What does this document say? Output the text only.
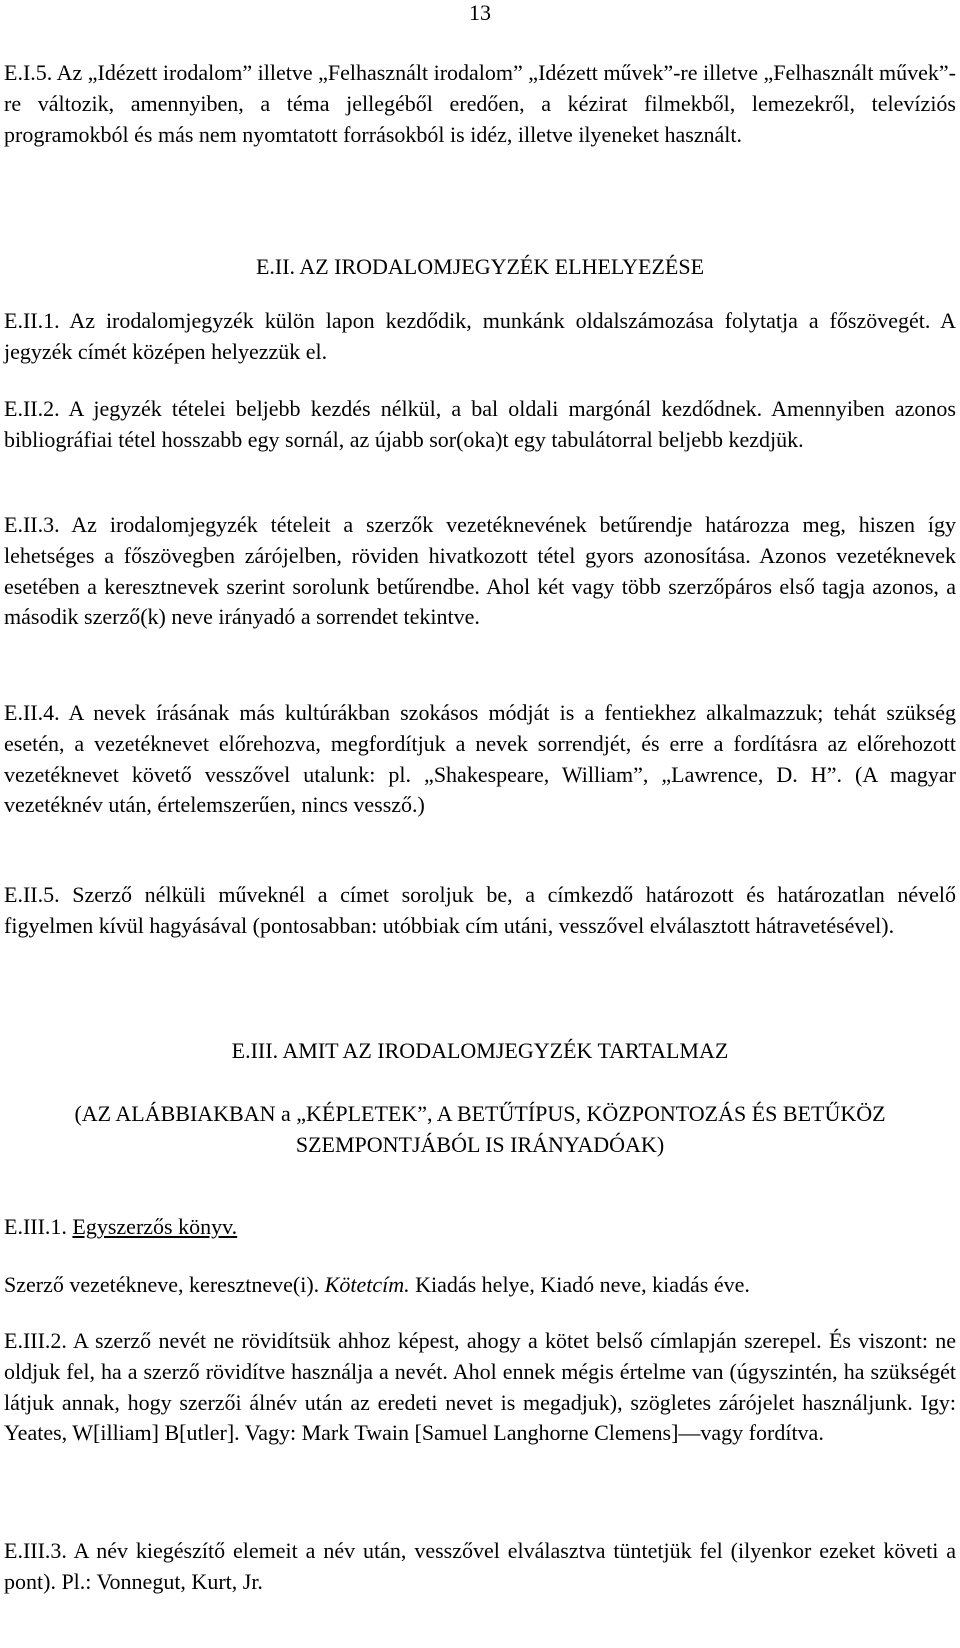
13

E.I.5. Az „Idézett irodalom” illetve „Felhasznált irodalom” „Idézett művek”-re illetve „Felhasznált művek”-re változik, amennyiben, a téma jellegéből eredően, a kézirat filmekből, lemezekről, televíziós programokból és más nem nyomtatott forrásokból is idéz, illetve ilyeneket használt.

E.II. AZ IRODALOMJEGYZÉK ELHELYEZÉSE

E.II.1. Az irodalomjegyzék külön lapon kezdődik, munkánk oldalszámozása folytatja a főszövegét. A jegyzék címét középen helyezzük el.

E.II.2. A jegyzék tételei beljebb kezdés nélkül, a bal oldali margónál kezdődnek. Amennyiben azonos bibliográfiai tétel hosszabb egy sornál, az újabb sor(oka)t egy tabulátorral beljebb kezdjük.

E.II.3. Az irodalomjegyzék tételeit a szerzők vezetéknevének betűrendje határozza meg, hiszen így lehetséges a főszövegben zárójelben, röviden hivatkozott tétel gyors azonosítása. Azonos vezetéknevek esetében a keresztnevek szerint sorolunk betűrendbe. Ahol két vagy több szerzőpáros első tagja azonos, a második szerző(k) neve irányadó a sorrendet tekintve.

E.II.4. A nevek írásának más kultúrákban szokásos módját is a fentiekhez alkalmazzuk; tehát szükség esetén, a vezetéknevet előrehozva, megfordítjuk a nevek sorrendjét, és erre a fordításra az előrehozott vezetéknevet követő vesszővel utalunk: pl. „Shakespeare, William”, „Lawrence, D. H”. (A magyar vezetéknév után, értelemszerűen, nincs vessző.)

E.II.5. Szerző nélküli műveknél a címet soroljuk be, a címkezdő határozott és határozatlan névelő figyelmen kívül hagyásával (pontosabban: utóbbiak cím utáni, vesszővel elválasztott hátravetésével).

E.III. AMIT AZ IRODALOMJEGYZÉK TARTALMAZ

(AZ ALÁBBIAKBAN a „KÉPLETEK”, A BETŰTÍPUS, KÖZPONTOZÁS ÉS BETŰKÖZ SZEMPONTJÁBÓL IS IRÁNYADÓAK)

E.III.1. Egyszerzős könyv.

Szerző vezetékneve, keresztneve(i). Kötetcím. Kiadás helye, Kiadó neve, kiadás éve.

E.III.2. A szerző nevét ne rövidítsük ahhoz képest, ahogy a kötet belső címlapján szerepel. És viszont: ne oldjuk fel, ha a szerző rövidítve használja a nevét. Ahol ennek mégis értelme van (úgyszintén, ha szükségét látjuk annak, hogy szerzői álnév után az eredeti nevet is megadjuk), szögletes zárójelet használjunk. Igy: Yeates, W[illiam] B[utler]. Vagy: Mark Twain [Samuel Langhorne Clemens]—vagy fordítva.

E.III.3. A név kiegészítő elemeit a név után, vesszővel elválasztva tüntetjük fel (ilyenkor ezeket követi a pont). Pl.: Vonnegut, Kurt, Jr.
